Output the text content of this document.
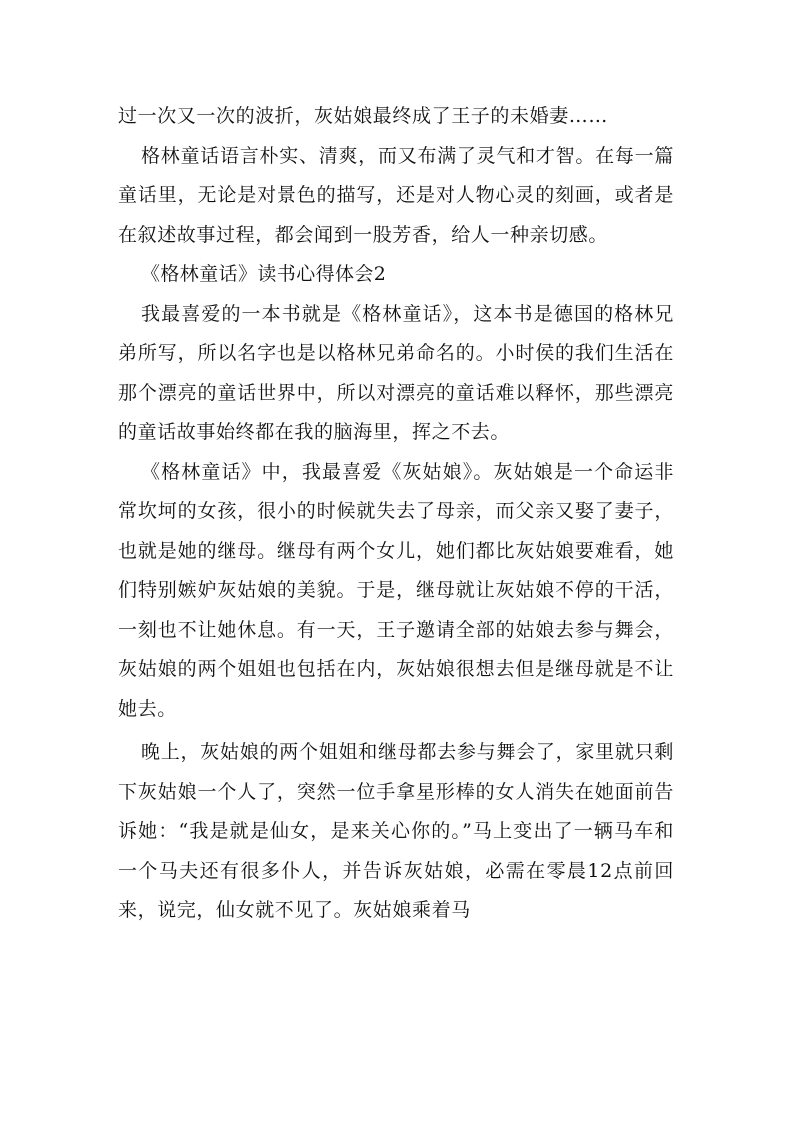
过一次又一次的波折，灰姑娘最终成了王子的未婚妻……

格林童话语言朴实、清爽，而又布满了灵气和才智。在每一篇童话里，无论是对景色的描写，还是对人物心灵的刻画，或者是在叙述故事过程，都会闻到一股芳香，给人一种亲切感。

《格林童话》读书心得体会2

我最喜爱的一本书就是《格林童话》，这本书是德国的格林兄弟所写，所以名字也是以格林兄弟命名的。小时侯的我们生活在那个漂亮的童话世界中，所以对漂亮的童话难以释怀，那些漂亮的童话故事始终都在我的脑海里，挥之不去。

《格林童话》中，我最喜爱《灰姑娘》。灰姑娘是一个命运非常坎坷的女孩，很小的时候就失去了母亲，而父亲又娶了妻子，也就是她的继母。继母有两个女儿，她们都比灰姑娘要难看，她们特别嫉妒灰姑娘的美貌。于是，继母就让灰姑娘不停的干活，一刻也不让她休息。有一天，王子邀请全部的姑娘去参与舞会，灰姑娘的两个姐姐也包括在内，灰姑娘很想去但是继母就是不让她去。

晚上，灰姑娘的两个姐姐和继母都去参与舞会了，家里就只剩下灰姑娘一个人了，突然一位手拿星形棒的女人消失在她面前告诉她：“我是就是仙女，是来关心你的。”马上变出了一辆马车和一个马夫还有很多仆人，并告诉灰姑娘，必需在零晨12点前回来，说完，仙女就不见了。灰姑娘乘着马
